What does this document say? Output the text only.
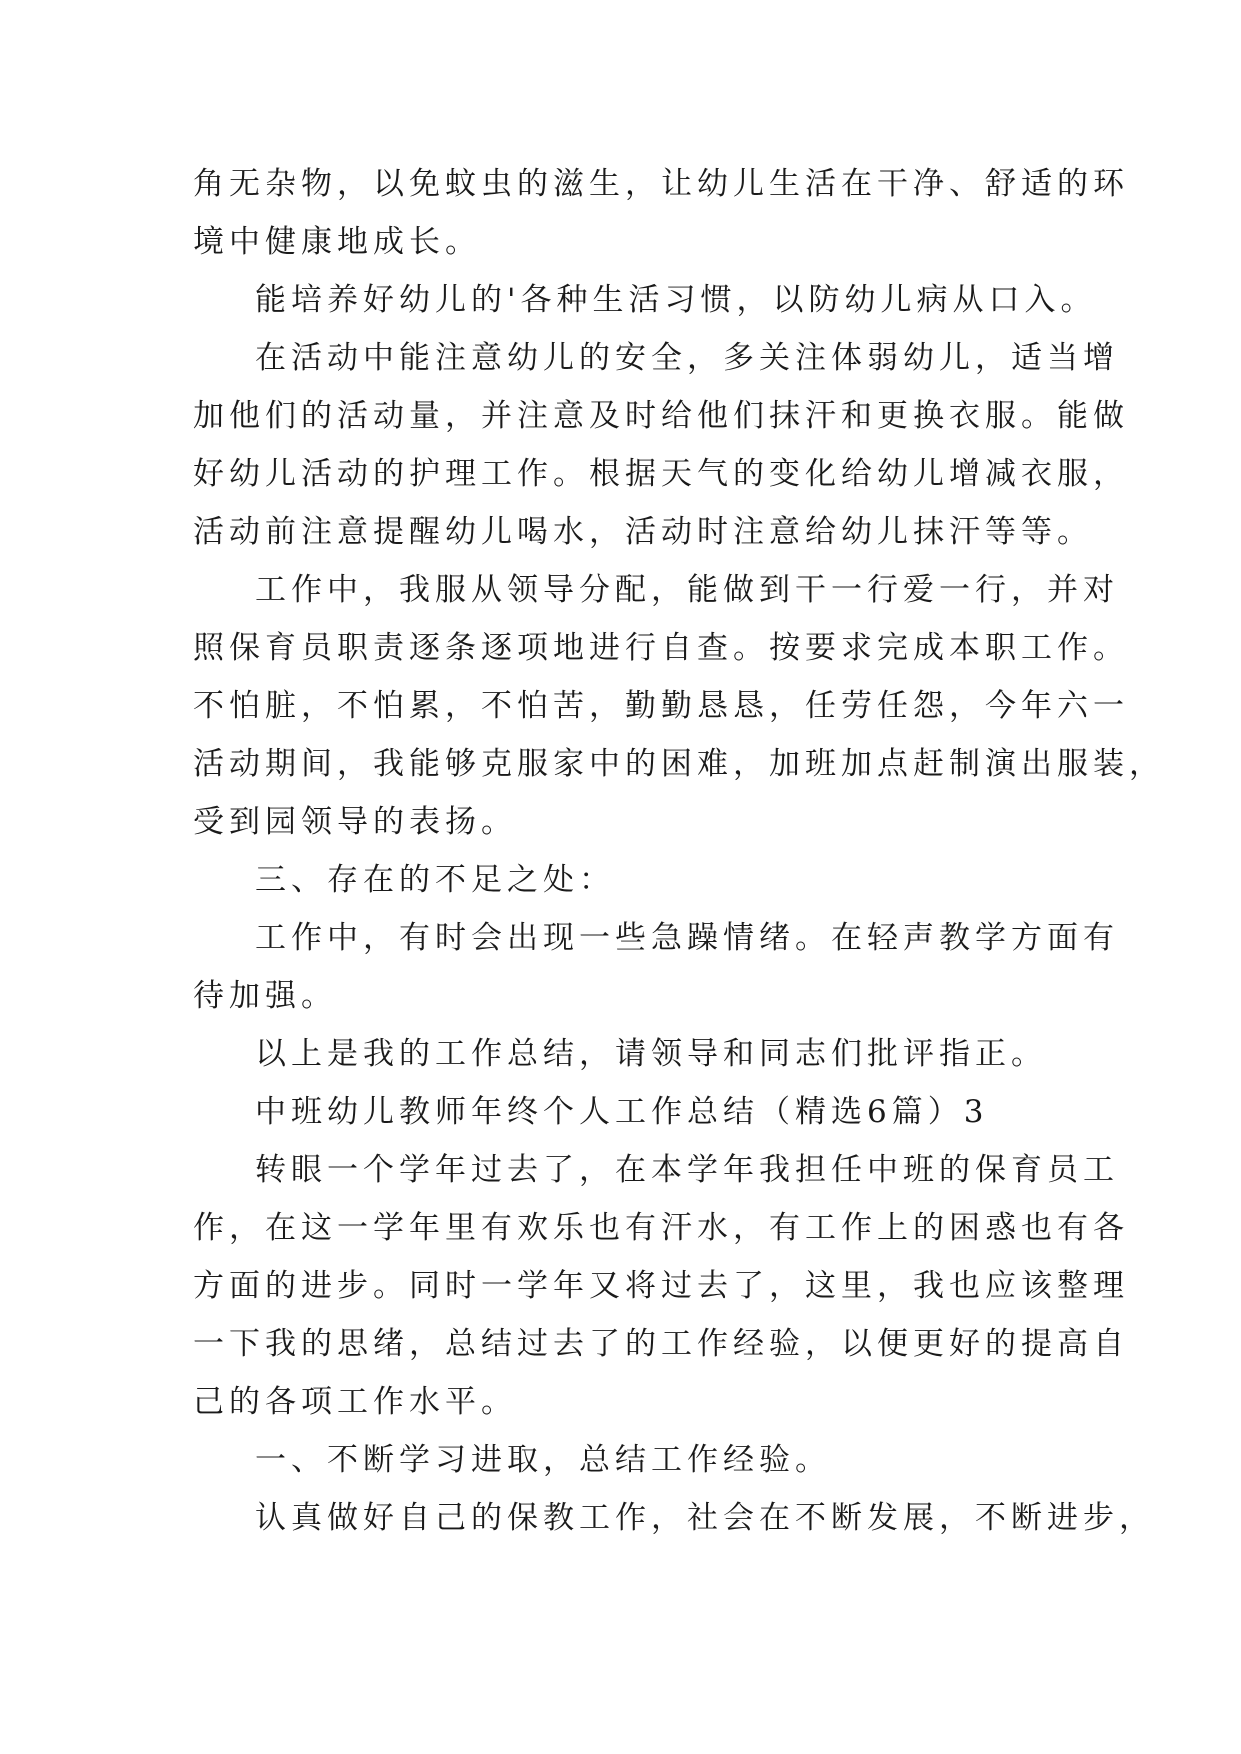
角无杂物，以免蚊虫的滋生，让幼儿生活在干净、舒适的环
境中健康地成长。
能培养好幼儿的'各种生活习惯，以防幼儿病从口入。
在活动中能注意幼儿的安全，多关注体弱幼儿，适当增
加他们的活动量，并注意及时给他们抹汗和更换衣服。能做
好幼儿活动的护理工作。根据天气的变化给幼儿增减衣服，
活动前注意提醒幼儿喝水，活动时注意给幼儿抹汗等等。
工作中，我服从领导分配，能做到干一行爱一行，并对
照保育员职责逐条逐项地进行自查。按要求完成本职工作。
不怕脏，不怕累，不怕苦，勤勤恳恳，任劳任怨，今年六一
活动期间，我能够克服家中的困难，加班加点赶制演出服装，
受到园领导的表扬。
三、存在的不足之处：
工作中，有时会出现一些急躁情绪。在轻声教学方面有
待加强。
以上是我的工作总结，请领导和同志们批评指正。
中班幼儿教师年终个人工作总结（精选6篇）3
转眼一个学年过去了，在本学年我担任中班的保育员工
作，在这一学年里有欢乐也有汗水，有工作上的困惑也有各
方面的进步。同时一学年又将过去了，这里，我也应该整理
一下我的思绪，总结过去了的工作经验，以便更好的提高自
己的各项工作水平。
一、不断学习进取，总结工作经验。
认真做好自己的保教工作，社会在不断发展，不断进步，
